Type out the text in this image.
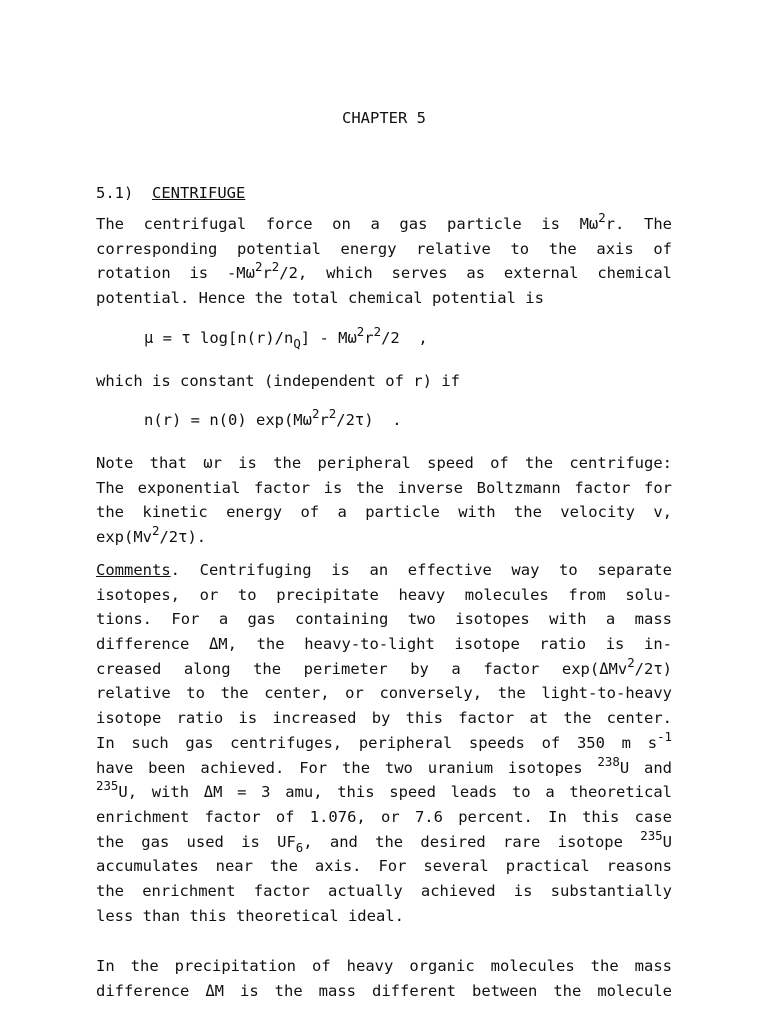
CHAPTER 5
5.1) CENTRIFUGE
The centrifugal force on a gas particle is $M\omega^2r$. The
corresponding potential energy relative to the axis of
rotation is $-M\omega^2r^2/2$, which serves as external chemical
potential. Hence the total chemical potential is
μ = τ $\log[n(r)/n_Q] - M\omega^2r^2/2$  ,
which is constant (independent of r) if
n(r) = n(0) $\exp(M\omega^2r^2/2\tau)$  .
Note that ωr is the peripheral speed of the centrifuge:
The exponential factor is the inverse Boltzmann factor for
the kinetic energy of a particle with the velocity v,
exp(Mv$^2$/2τ).
Comments. Centrifuging is an effective way to separate
isotopes, or to precipitate heavy molecules from solu-
tions. For a gas containing two isotopes with a mass
difference ΔM, the heavy-to-light isotope ratio is in-
creased along the perimeter by a factor exp(ΔMv$^2$/2τ)
relative to the center, or conversely, the light-to-heavy
isotope ratio is increased by this factor at the center.
In such gas centrifuges, peripheral speeds of 350 m $s^{-1}$
have been achieved. For the two uranium isotopes $^{238}$U and
$^{235}$U, with ΔM = 3 amu, this speed leads to a theoretical
enrichment factor of 1.076, or 7.6 percent. In this case
the gas used is $UF_6$, and the desired rare isotope $^{235}$U
accumulates near the axis. For several practical reasons
the enrichment factor actually achieved is substantially
less than this theoretical ideal.
In the precipitation of heavy organic molecules the mass
difference ΔM is the mass different between the molecule
